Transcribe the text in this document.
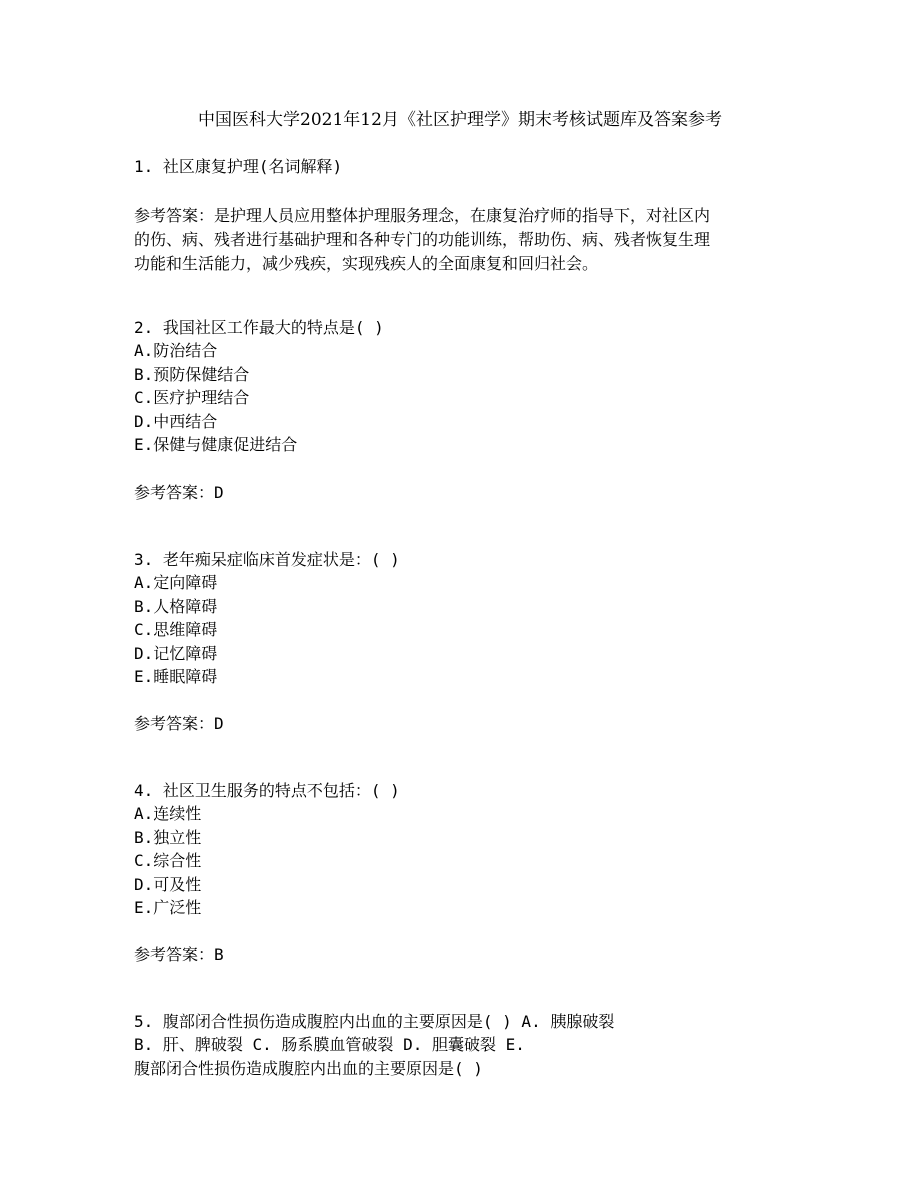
中国医科大学2021年12月《社区护理学》期末考核试题库及答案参考
1. 社区康复护理(名词解释)
参考答案：是护理人员应用整体护理服务理念，在康复治疗师的指导下，对社区内
的伤、病、残者进行基础护理和各种专门的功能训练，帮助伤、病、残者恢复生理
功能和生活能力，减少残疾，实现残疾人的全面康复和回归社会。
2. 我国社区工作最大的特点是( )
A.防治结合
B.预防保健结合
C.医疗护理结合
D.中西结合
E.保健与健康促进结合
参考答案：D
3. 老年痴呆症临床首发症状是：( )
A.定向障碍
B.人格障碍
C.思维障碍
D.记忆障碍
E.睡眠障碍
参考答案：D
4. 社区卫生服务的特点不包括：( )
A.连续性
B.独立性
C.综合性
D.可及性
E.广泛性
参考答案：B
5. 腹部闭合性损伤造成腹腔内出血的主要原因是( ) A. 胰腺破裂
B. 肝、脾破裂 C. 肠系膜血管破裂 D. 胆囊破裂 E.
腹部闭合性损伤造成腹腔内出血的主要原因是( )
